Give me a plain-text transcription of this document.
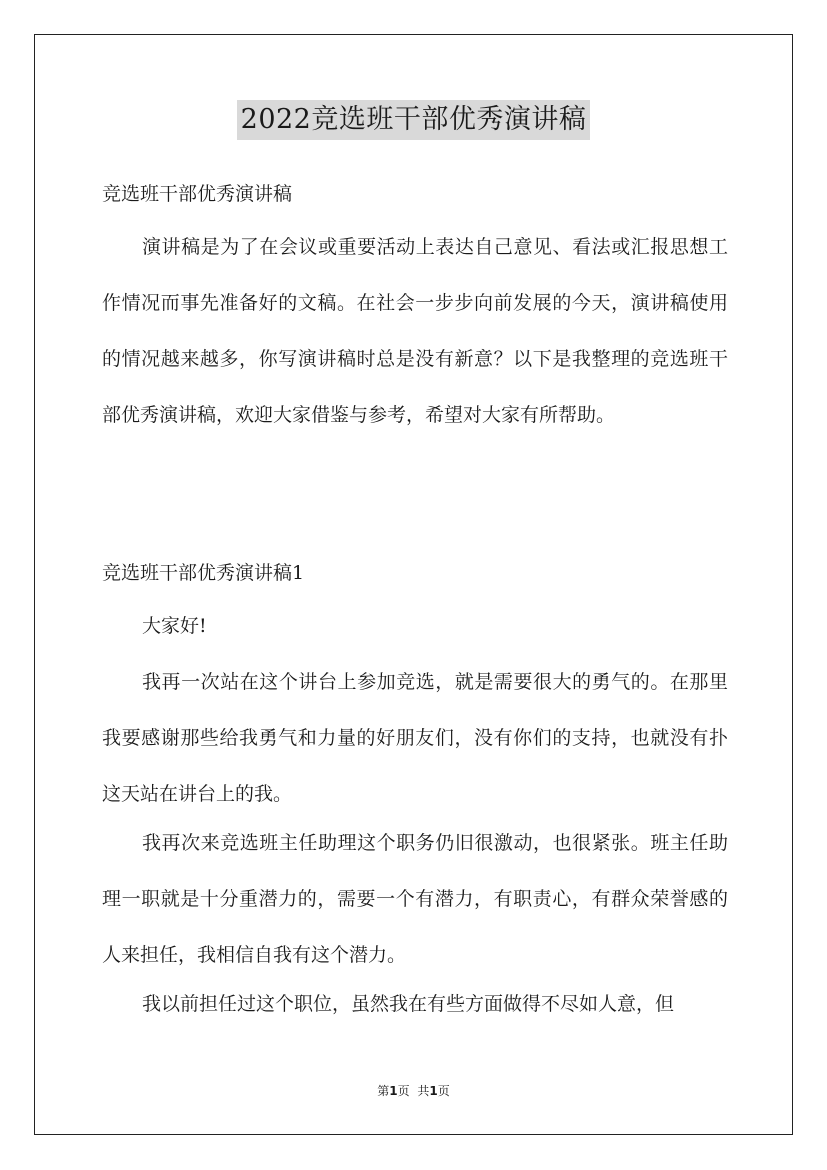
2022竞选班干部优秀演讲稿

竞选班干部优秀演讲稿

演讲稿是为了在会议或重要活动上表达自己意见、看法或汇报思想工作情况而事先准备好的文稿。在社会一步步向前发展的今天，演讲稿使用的情况越来越多，你写演讲稿时总是没有新意？以下是我整理的竞选班干部优秀演讲稿，欢迎大家借鉴与参考，希望对大家有所帮助。

竞选班干部优秀演讲稿1

大家好!

我再一次站在这个讲台上参加竞选，就是需要很大的勇气的。在那里我要感谢那些给我勇气和力量的好朋友们，没有你们的支持，也就没有扑这天站在讲台上的我。

我再次来竞选班主任助理这个职务仍旧很激动，也很紧张。班主任助理一职就是十分重潜力的，需要一个有潜力，有职责心，有群众荣誉感的人来担任，我相信自我有这个潜力。

我以前担任过这个职位，虽然我在有些方面做得不尽如人意，但

第1页 共1页
